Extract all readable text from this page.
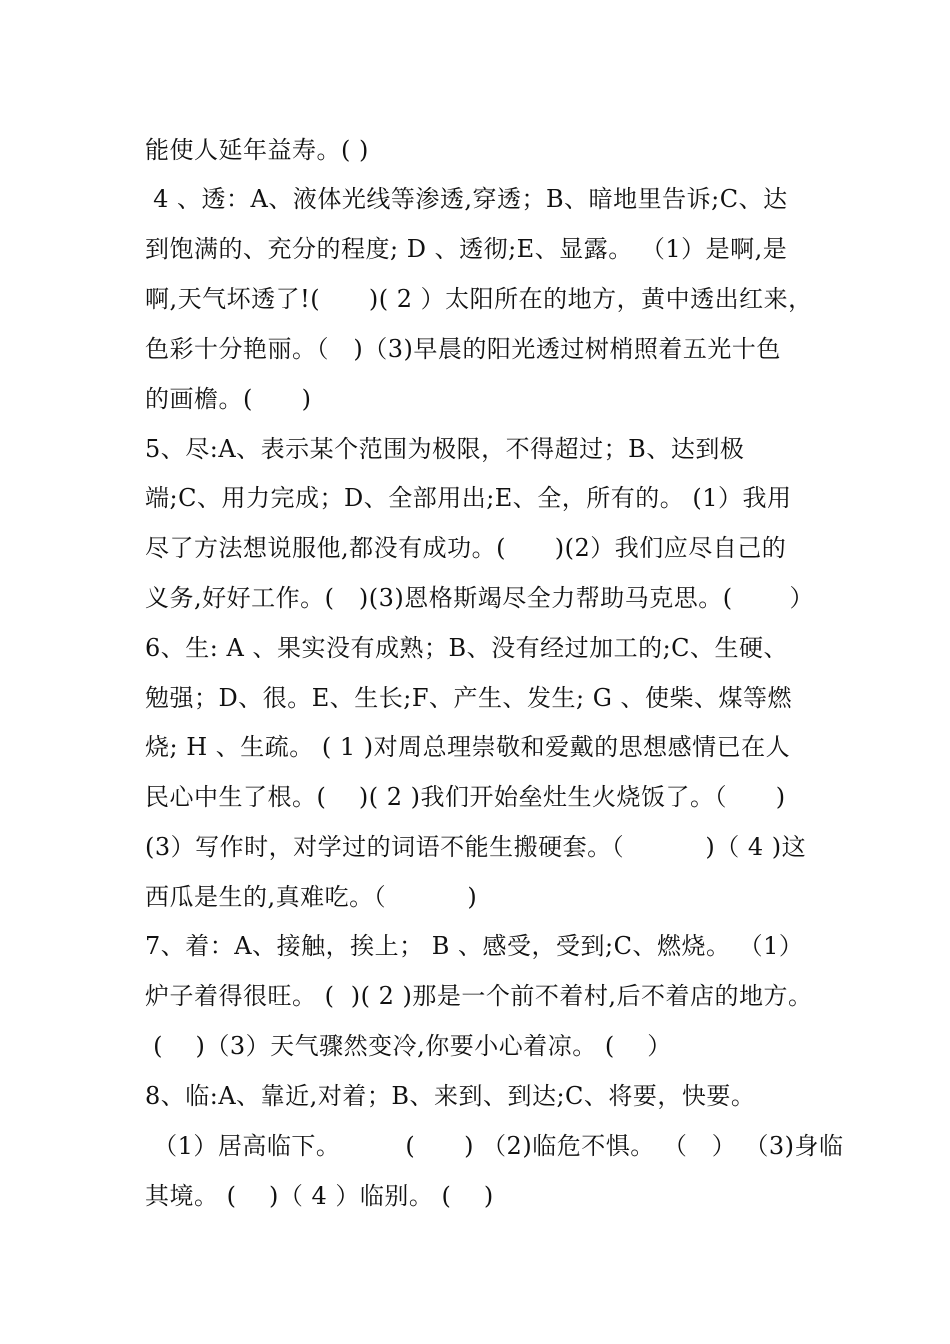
能使人延年益寿。( )
4 、透：A、液体光线等渗透,穿透；B、暗地里告诉;C、达
到饱满的、充分的程度; D 、透彻;E、显露。 （1）是啊,是
啊,天气坏透了!(      )( 2 ）太阳所在的地方，黄中透出红来，
色彩十分艳丽。（   )（3)早晨的阳光透过树梢照着五光十色
的画檐。(      )
5、尽:A、表示某个范围为极限，不得超过；B、达到极
端;C、用力完成；D、全部用出;E、全，所有的。 (1）我用
尽了方法想说服他,都没有成功。(      )(2）我们应尽自己的
义务,好好工作。(   )(3)恩格斯竭尽全力帮助马克思。(       ）
6、生: A 、果实没有成熟；B、没有经过加工的;C、生硬、
勉强；D、很。E、生长;F、产生、发生; G 、使柴、煤等燃
烧; H 、生疏。 ( 1 )对周总理崇敬和爱戴的思想感情已在人
民心中生了根。(    )( 2 )我们开始垒灶生火烧饭了。（      )
(3）写作时，对学过的词语不能生搬硬套。（          )（ 4 )这
西瓜是生的,真难吃。（          )
7、着：A、接触，挨上； B 、感受，受到;C、燃烧。 （1）
炉子着得很旺。 (  )( 2 )那是一个前不着村,后不着店的地方。
(    )（3）天气骤然变冷,你要小心着凉。 (    ）
8、临:A、靠近,对着；B、来到、到达;C、将要，快要。
（1）居高临下。        (      ) （2)临危不惧。 （   ） （3)身临
其境。 (    )（ 4 ）临别。 (    )
